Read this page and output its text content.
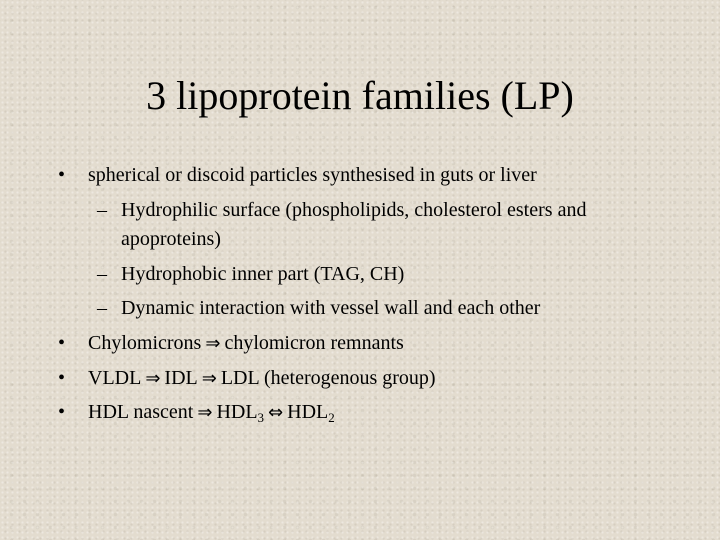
3 lipoprotein families (LP)
• spherical or discoid particles synthesised in guts or liver
– Hydrophilic surface (phospholipids, cholesterol esters and
apoproteins)
– Hydrophobic inner part (TAG, CH)
– Dynamic interaction with vessel wall and each other
• Chylomicrons ⇒ chylomicron remnants
• VLDL ⇒ IDL ⇒ LDL (heterogenous group)
• HDL nascent ⇒ $HDL_3$ ⇔ $HDL_2$
